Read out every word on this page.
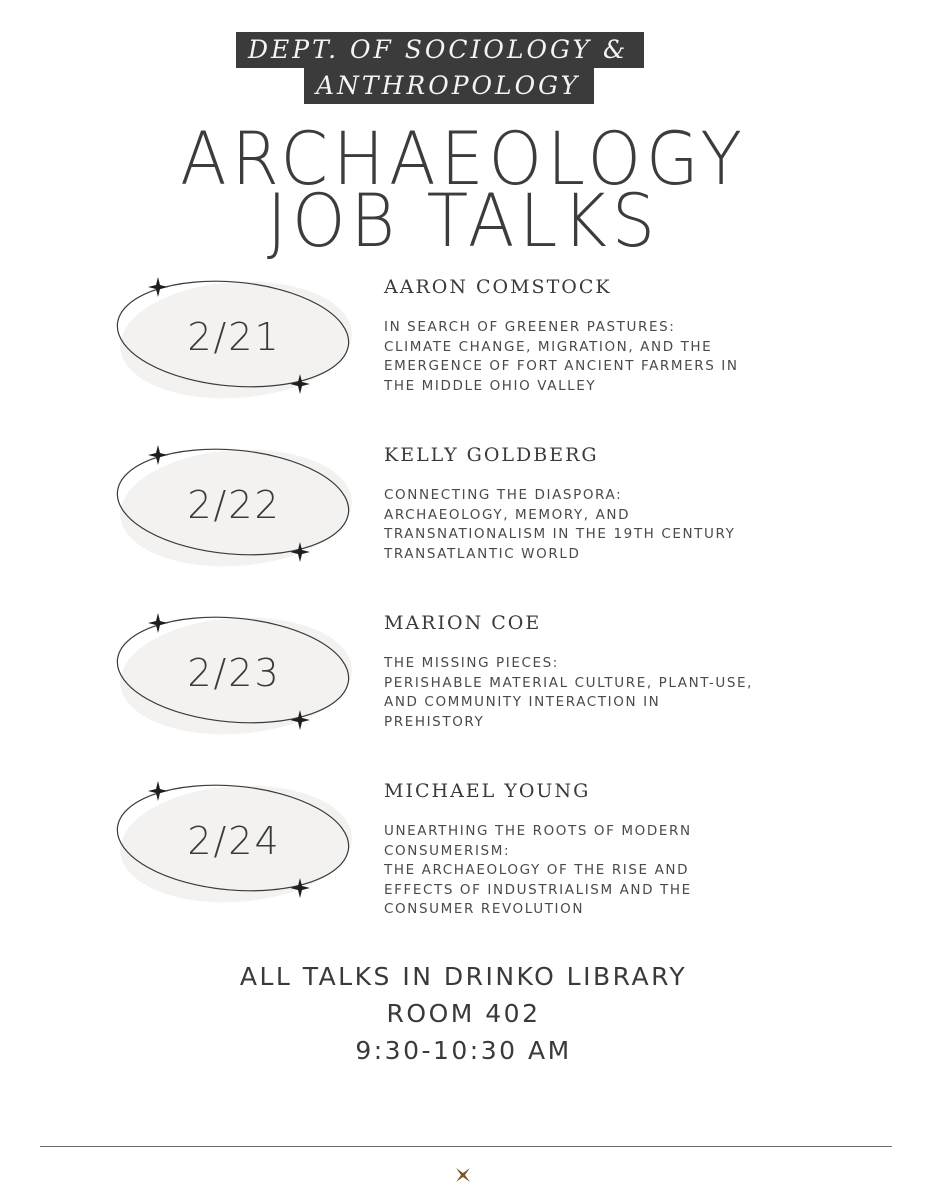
DEPT. OF SOCIOLOGY &
ANTHROPOLOGY
ARCHAEOLOGY
JOB TALKS
2/21
AARON COMSTOCK
IN SEARCH OF GREENER PASTURES:
CLIMATE CHANGE, MIGRATION, AND THE
EMERGENCE OF FORT ANCIENT FARMERS IN
THE MIDDLE OHIO VALLEY
2/22
KELLY GOLDBERG
CONNECTING THE DIASPORA:
ARCHAEOLOGY, MEMORY, AND
TRANSNATIONALISM IN THE 19TH CENTURY
TRANSATLANTIC WORLD
2/23
MARION COE
THE MISSING PIECES:
PERISHABLE MATERIAL CULTURE, PLANT-USE,
AND COMMUNITY INTERACTION IN
PREHISTORY
2/24
MICHAEL YOUNG
UNEARTHING THE ROOTS OF MODERN
CONSUMERISM:
THE ARCHAEOLOGY OF THE RISE AND
EFFECTS OF INDUSTRIALISM AND THE
CONSUMER REVOLUTION
ALL TALKS IN DRINKO LIBRARY
ROOM 402
9:30-10:30 AM
